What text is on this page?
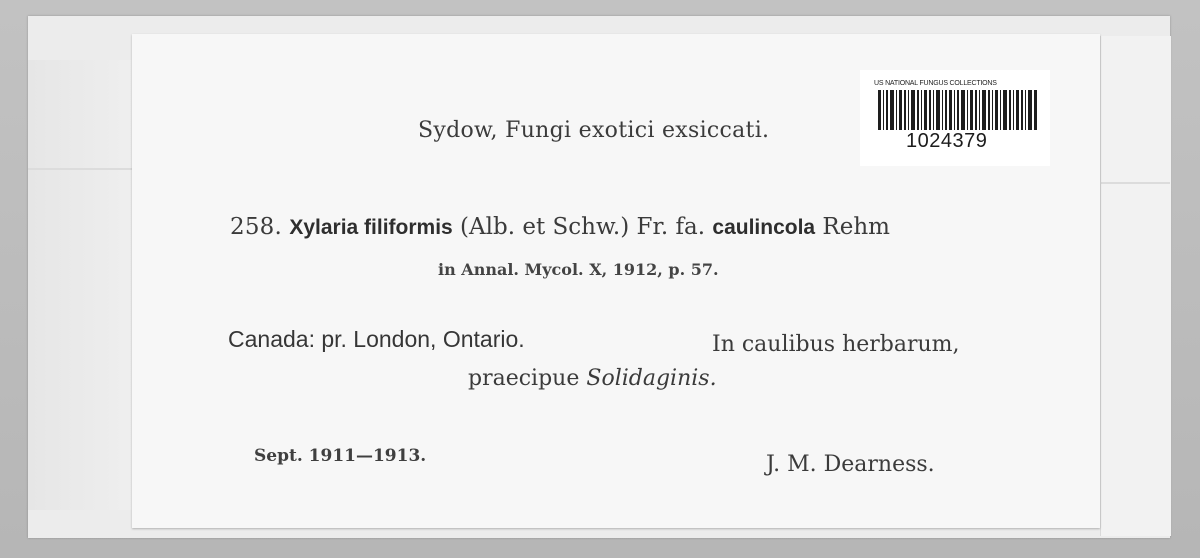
US NATIONAL FUNGUS COLLECTIONS
1024379
Sydow, Fungi exotici exsiccati.
258. Xylaria filiformis (Alb. et Schw.) Fr. fa. caulincola Rehm
in Annal. Mycol. X, 1912, p. 57.
Canada: pr. London, Ontario.	In caulibus herbarum,
praecipue Solidaginis.
Sept. 1911—1913.	J. M. Dearness.
